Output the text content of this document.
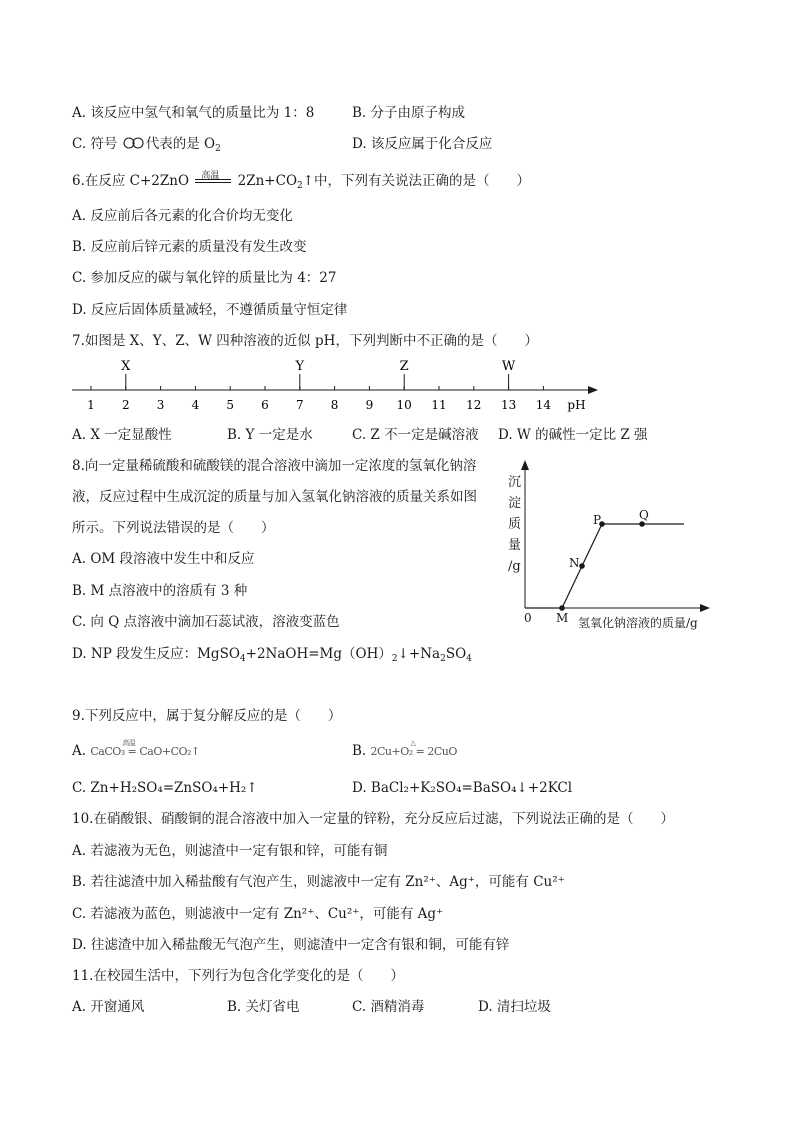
A. 该反应中氢气和氧气的质量比为 1：8	B. 分子由原子构成
C. 符号 代表的是 $O_2$	D. 该反应属于化合反应
6.在反应 C+2ZnO 高温 $2Zn+CO_2↑$中，下列有关说法正确的是（　　）
A. 反应前后各元素的化合价均无变化
B. 反应前后锌元素的质量没有发生改变
C. 参加反应的碳与氧化锌的质量比为 4：27
D. 反应后固体质量减轻，不遵循质量守恒定律
7.如图是 X、Y、Z、W 四种溶液的近似 pH，下列判断中不正确的是（　　）
1 2 3 4 5 6 7 8 9 10 11 12 13 14 pH
X	Y	Z	W
A. X 一定显酸性	B. Y 一定是水	C. Z 不一定是碱溶液 D. W 的碱性一定比 Z 强
8.向一定量稀硫酸和硫酸镁的混合溶液中滴加一定浓度的氢氧化钠溶
液，反应过程中生成沉淀的质量与加入氢氧化钠溶液的质量关系如图
所示。下列说法错误的是（　　）
A. OM 段溶液中发生中和反应
B. M 点溶液中的溶质有 3 种
C. 向 Q 点溶液中滴加石蕊试液，溶液变蓝色
D. NP 段发生反应：$MgSO_4+2NaOH=Mg(OH)_2↓+Na_2SO_4$
沉
淀
质
量
/g
0 M
N
P	Q
氢氧化钠溶液的质量/g
9.下列反应中，属于复分解反应的是（　　）
A.	高温
CaCO₃ = CaO+CO₂↑	B.	△
2Cu+O₂ = 2CuO
C. Zn+H₂SO₄=ZnSO₄+H₂↑	D. BaCl₂+K₂SO₄=BaSO₄↓+2KCl
10.在硝酸银、硝酸铜的混合溶液中加入一定量的锌粉，充分反应后过滤，下列说法正确的是（　　）
A. 若滤液为无色，则滤渣中一定有银和锌，可能有铜
B. 若往滤渣中加入稀盐酸有气泡产生，则滤液中一定有 Zn²⁺、Ag⁺，可能有 Cu²⁺
C. 若滤液为蓝色，则滤液中一定有 Zn²⁺、Cu²⁺，可能有 Ag⁺
D. 往滤渣中加入稀盐酸无气泡产生，则滤渣中一定含有银和铜，可能有锌
11.在校园生活中，下列行为包含化学变化的是（　　）
A. 开窗通风	B. 关灯省电	C. 酒精消毒	D. 清扫垃圾
